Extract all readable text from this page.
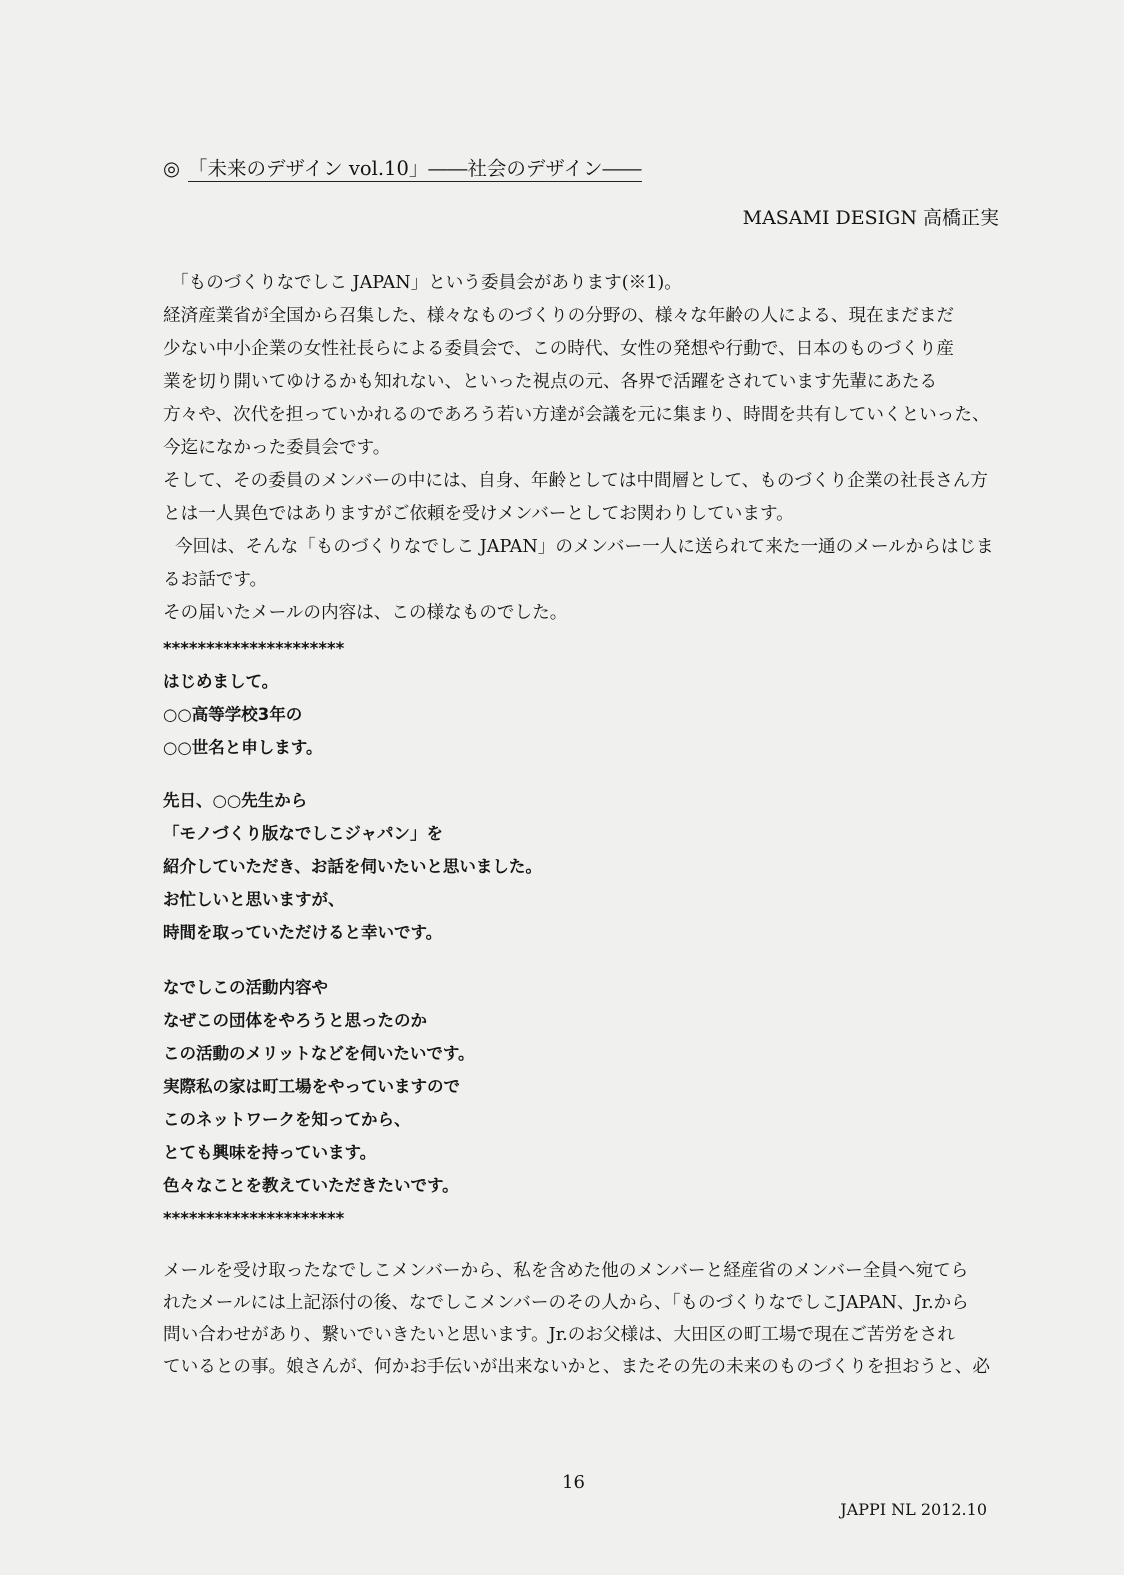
◎ 「未来のデザイン vol.10」――社会のデザイン――
MASAMI DESIGN 高橋正実

「ものづくりなでしこ JAPAN」という委員会があります(※1)。

経済産業省が全国から召集した、様々なものづくりの分野の、様々な年齢の人による、現在まだまだ

少ない中小企業の女性社長らによる委員会で、この時代、女性の発想や行動で、日本のものづくり産

業を切り開いてゆけるかも知れない、といった視点の元、各界で活躍をされています先輩にあたる

方々や、次代を担っていかれるのであろう若い方達が会議を元に集まり、時間を共有していくといった、

今迄になかった委員会です。

そして、その委員のメンバーの中には、自身、年齢としては中間層として、ものづくり企業の社長さん方

とは一人異色ではありますがご依頼を受けメンバーとしてお関わりしています。

今回は、そんな「ものづくりなでしこ JAPAN」のメンバー一人に送られて来た一通のメールからはじま

るお話です。

その届いたメールの内容は、この様なものでした。

*********************

はじめまして。

○○高等学校3年の

○○世名と申します。

先日、○○先生から

「モノづくり版なでしこジャパン」を

紹介していただき、お話を伺いたいと思いました。

お忙しいと思いますが、

時間を取っていただけると幸いです。

なでしこの活動内容や

なぜこの団体をやろうと思ったのか

この活動のメリットなどを伺いたいです。

実際私の家は町工場をやっていますので

このネットワークを知ってから、

とても興味を持っています。

色々なことを教えていただきたいです。

*********************

メールを受け取ったなでしこメンバーから、私を含めた他のメンバーと経産省のメンバー全員へ宛てら

れたメールには上記添付の後、なでしこメンバーのその人から、「ものづくりなでしこJAPAN、Jr.から

問い合わせがあり、繋いでいきたいと思います。Jr.のお父様は、大田区の町工場で現在ご苦労をされ

ているとの事。娘さんが、何かお手伝いが出来ないかと、またその先の未来のものづくりを担おうと、必

16
JAPPI NL 2012.10
